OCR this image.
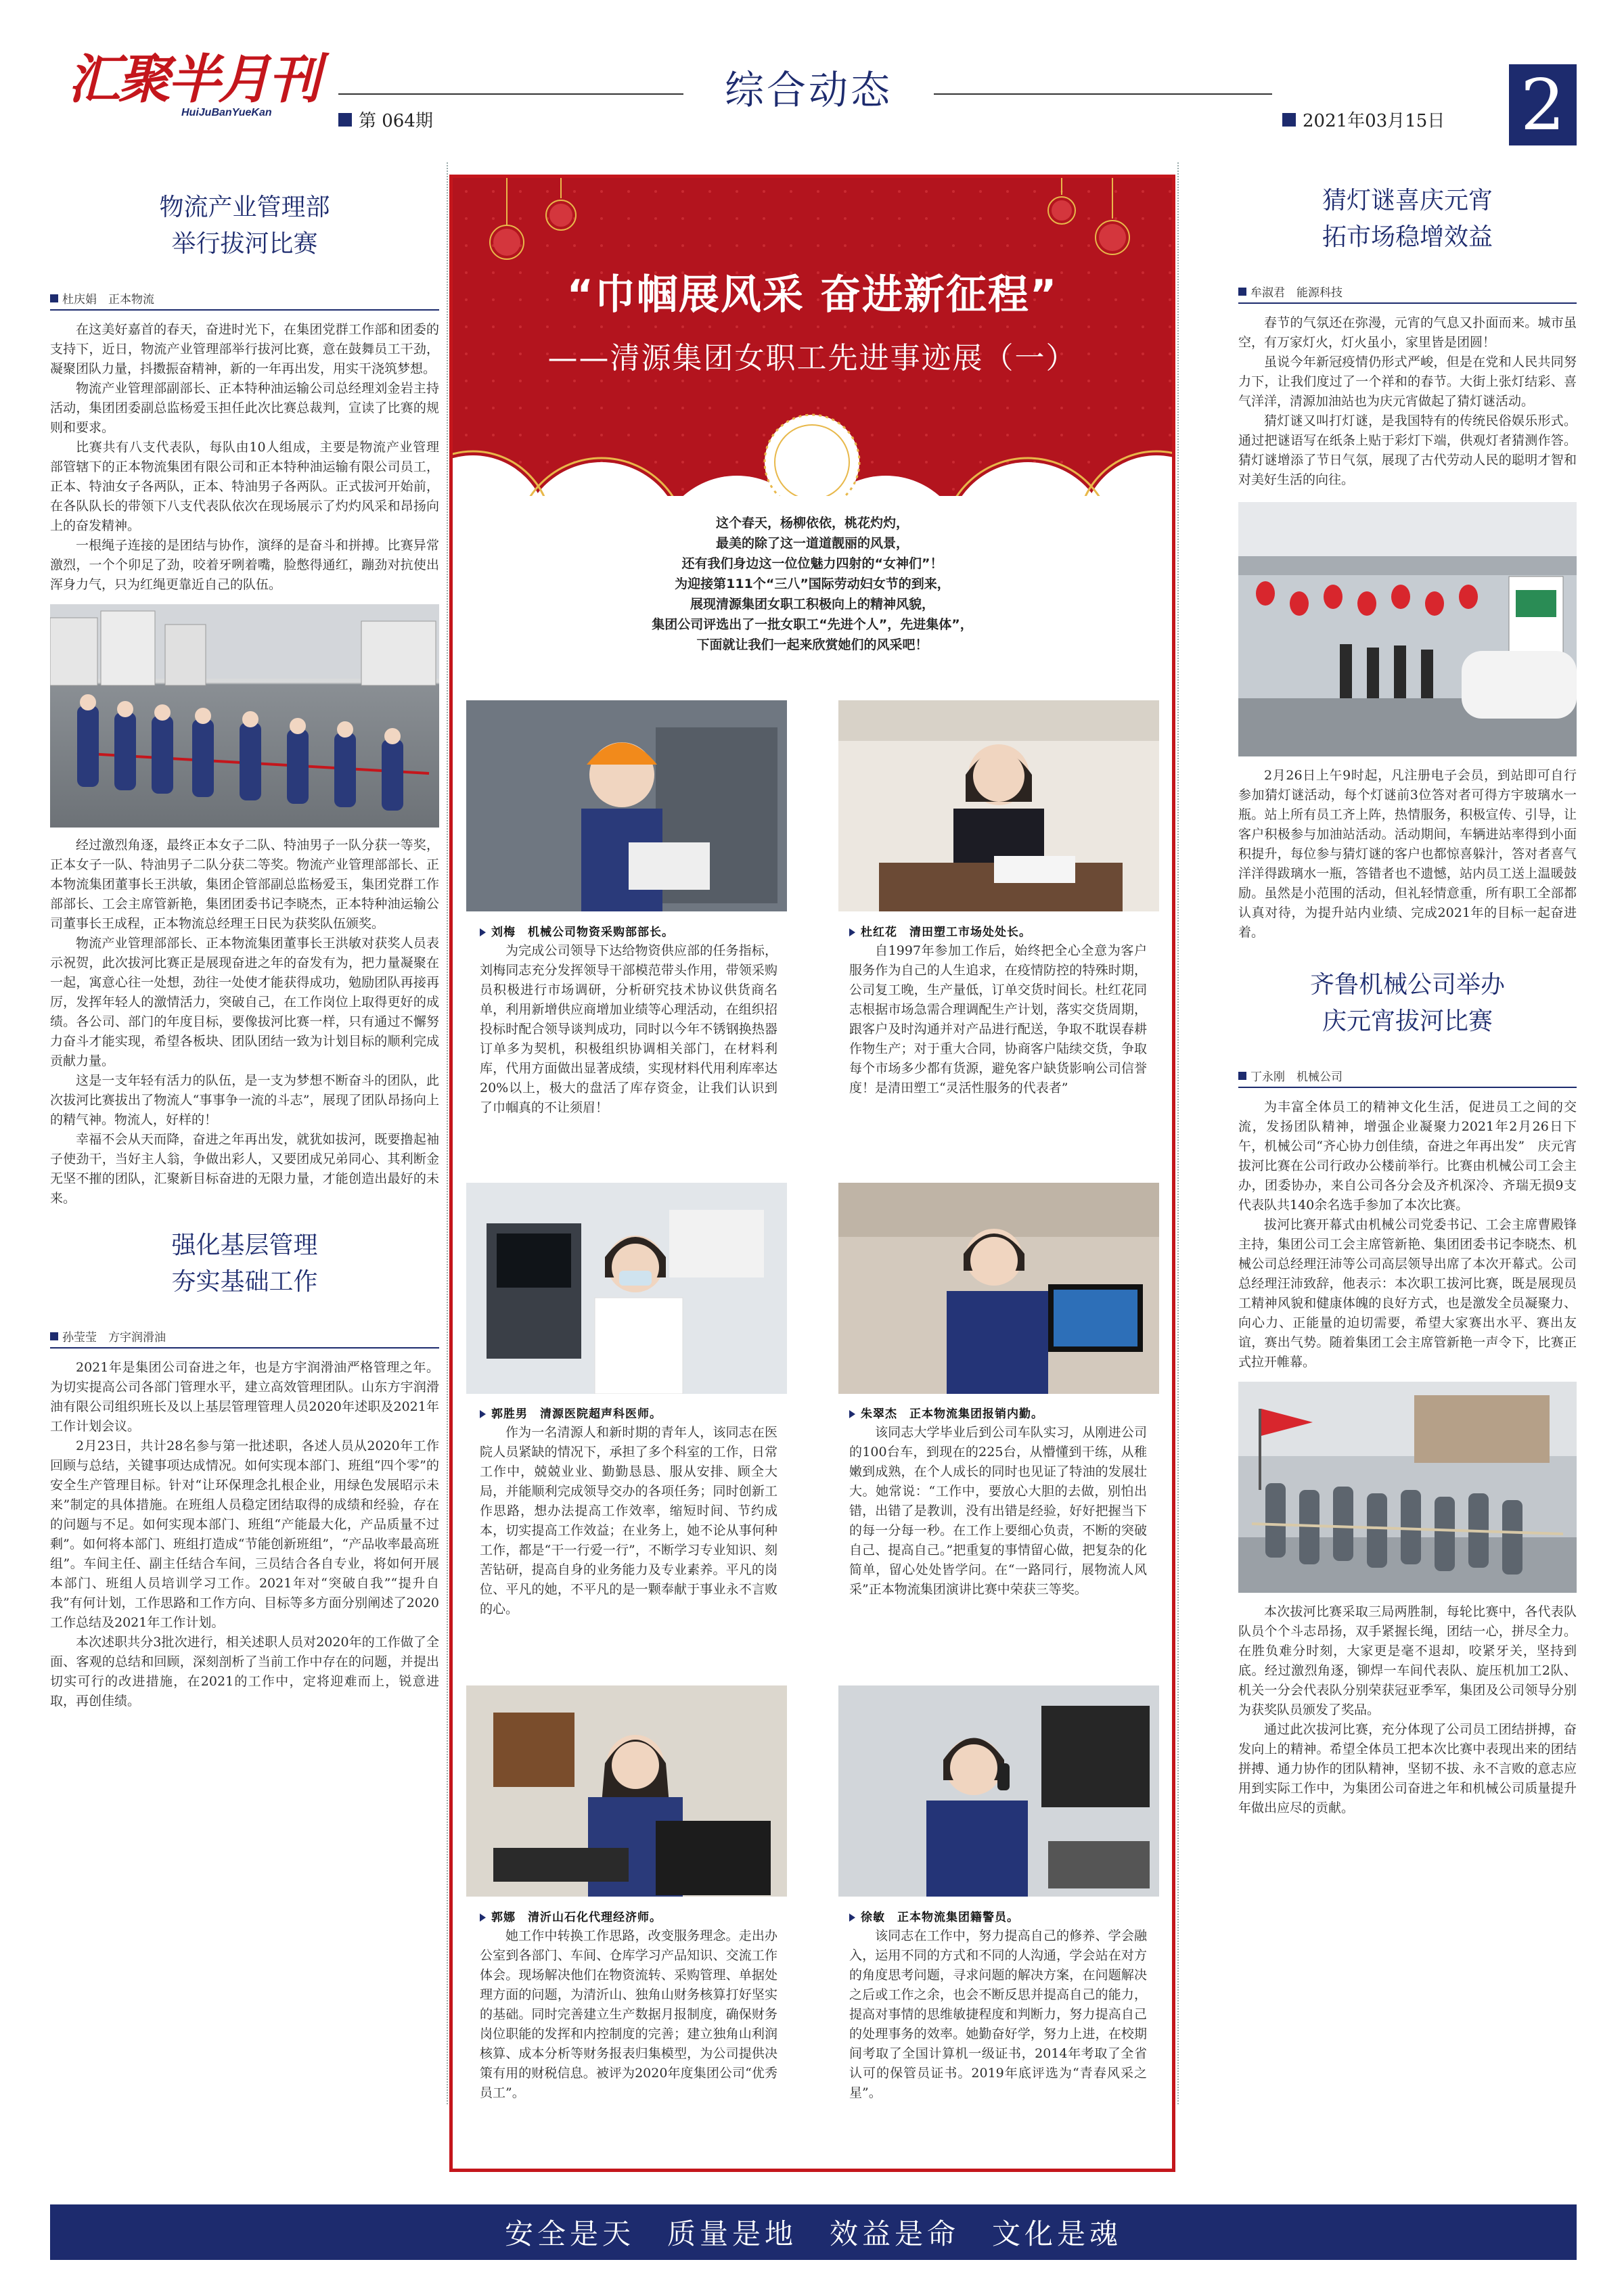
汇聚半月刊
HuiJuBanYueKan	综合动态
第 064期	2021年03月15日 2
物流产业管理部
举行拔河比赛
杜庆娟　正本物流

在这美好嘉首的春天，奋进时光下，在集团党群工作部和团委的支持下，近日，物流产业管理部举行拔河比赛，意在鼓舞员工干劲，凝聚团队力量，抖擞振奋精神，新的一年再出发，用实干浇筑梦想。

物流产业管理部副部长、正本特种油运输公司总经理刘金岩主持活动，集团团委副总监杨爱玉担任此次比赛总裁判，宣读了比赛的规则和要求。

比赛共有八支代表队，每队由10人组成，主要是物流产业管理部管辖下的正本物流集团有限公司和正本特种油运输有限公司员工，正本、特油女子各两队，正本、特油男子各两队。正式拔河开始前，在各队队长的带领下八支代表队依次在现场展示了灼灼风采和昂扬向上的奋发精神。

一根绳子连接的是团结与协作，演绎的是奋斗和拼搏。比赛异常激烈，一个个卯足了劲，咬着牙咧着嘴，脸憋得通红，蹦劲对抗使出浑身力气，只为红绳更靠近自己的队伍。

经过激烈角逐，最终正本女子二队、特油男子一队分获一等奖，正本女子一队、特油男子二队分获二等奖。物流产业管理部部长、正本物流集团董事长王洪敏，集团企管部副总监杨爱玉，集团党群工作部部长、工会主席管新艳，集团团委书记李晓杰，正本特种油运输公司董事长王成程，正本物流总经理王日民为获奖队伍颁奖。

物流产业管理部部长、正本物流集团董事长王洪敏对获奖人员表示祝贺，此次拔河比赛正是展现奋进之年的奋发有为，把力量凝聚在一起，寓意心往一处想，劲往一处使才能获得成功，勉励团队再接再厉，发挥年轻人的激情活力，突破自己，在工作岗位上取得更好的成绩。各公司、部门的年度目标，要像拔河比赛一样，只有通过不懈努力奋斗才能实现，希望各板块、团队团结一致为计划目标的顺利完成贡献力量。

这是一支年轻有活力的队伍，是一支为梦想不断奋斗的团队，此次拔河比赛拔出了物流人“事事争一流的斗志”，展现了团队昂扬向上的精气神。物流人，好样的！

幸福不会从天而降，奋进之年再出发，就犹如拔河，既要撸起袖子使劲干，当好主人翁，争做出彩人，又要团成兄弟同心、其利断金无坚不摧的团队，汇聚新目标奋进的无限力量，才能创造出最好的未来。

强化基层管理
夯实基础工作
孙莹莹　方宇润滑油

2021年是集团公司奋进之年，也是方宇润滑油严格管理之年。为切实提高公司各部门管理水平，建立高效管理团队。山东方宇润滑油有限公司组织班长及以上基层管理管理人员2020年述职及2021年工作计划会议。

2月23日，共计28名参与第一批述职，各述人员从2020年工作回顾与总结，关键事项达成情况。如何实现本部门、班组“四个零”的安全生产管理目标。针对“让环保理念扎根企业，用绿色发展昭示未来”制定的具体措施。在班组人员稳定团结取得的成绩和经验，存在的问题与不足。如何实现本部门、班组“产能最大化，产品质量不过剩”。如何将本部门、班组打造成“节能创新班组”，“产品收率最高班组”。车间主任、副主任结合车间，三员结合各自专业，将如何开展本部门、班组人员培训学习工作。2021年对“突破自我”“提升自我”有何计划，工作思路和工作方向、目标等多方面分别阐述了2020工作总结及2021年工作计划。

本次述职共分3批次进行，相关述职人员对2020年的工作做了全面、客观的总结和回顾，深刻剖析了当前工作中存在的问题，并提出切实可行的改进措施，在2021的工作中，定将迎难而上，锐意进取，再创佳绩。

“巾帼展风采 奋进新征程”
——清源集团女职工先进事迹展（一）
这个春天，杨柳依依，桃花灼灼，
最美的除了这一道道靓丽的风景，
还有我们身边这一位位魅力四射的“女神们”！
为迎接第111个“三八”国际劳动妇女节的到来，
展现清源集团女职工积极向上的精神风貌，
集团公司评选出了一批女职工“先进个人”，先进集体”，
下面就让我们一起来欣赏她们的风采吧！
刘梅　机械公司物资采购部部长。

为完成公司领导下达给物资供应部的任务指标，刘梅同志充分发挥领导干部模范带头作用，带领采购员积极进行市场调研，分析研究技术协议供货商名单，利用新增供应商增加业绩等心理活动，在组织招投标时配合领导谈判成功，同时以今年不锈钢换热器订单多为契机，积极组织协调相关部门，在材料利库，代用方面做出显著成绩，实现材料代用利库率达20%以上，极大的盘活了库存资金，让我们认识到了巾帼真的不让须眉！

杜红花　清田塑工市场处处长。

自1997年参加工作后，始终把全心全意为客户服务作为自己的人生追求，在疫情防控的特殊时期，公司复工晚，生产量低，订单交货时间长。杜红花同志根据市场急需合理调配生产计划，落实交货周期，跟客户及时沟通并对产品进行配送，争取不耽误春耕作物生产；对于重大合同，协商客户陆续交货，争取每个市场多少都有货源，避免客户缺货影响公司信誉度！是清田塑工“灵活性服务的代表者”

郭胜男　清源医院超声科医师。

作为一名清源人和新时期的青年人，该同志在医院人员紧缺的情况下，承担了多个科室的工作，日常工作中，兢兢业业、勤勤恳恳、服从安排、顾全大局，并能顺利完成领导交办的各项任务；同时创新工作思路，想办法提高工作效率，缩短时间、节约成本，切实提高工作效益；在业务上，她不论从事何种工作，都是“干一行爱一行”，不断学习专业知识、刻苦钻研，提高自身的业务能力及专业素养。平凡的岗位、平凡的她，不平凡的是一颗奉献于事业永不言败的心。

朱翠杰　正本物流集团报销内勤。

该同志大学毕业后到公司车队实习，从刚进公司的100台车，到现在的225台，从懵懂到干练，从稚嫩到成熟，在个人成长的同时也见证了特油的发展壮大。她常说：“工作中，要放心大胆的去做，别怕出错，出错了是教训，没有出错是经验，好好把握当下的每一分每一秒。在工作上要细心负责，不断的突破自己、提高自己。”把重复的事情留心做，把复杂的化简单，留心处处皆学问。在“一路同行，展物流人风采”正本物流集团演讲比赛中荣获三等奖。

郭娜　清沂山石化代理经济师。

她工作中转换工作思路，改变服务理念。走出办公室到各部门、车间、仓库学习产品知识、交流工作体会。现场解决他们在物资流转、采购管理、单据处理方面的问题，为清沂山、独角山财务核算打好坚实的基础。同时完善建立生产数据月报制度，确保财务岗位职能的发挥和内控制度的完善；建立独角山利润核算、成本分析等财务报表归集模型，为公司提供决策有用的财税信息。被评为2020年度集团公司“优秀员工”。

徐敏　正本物流集团籍警员。

该同志在工作中，努力提高自己的修养、学会融入，运用不同的方式和不同的人沟通，学会站在对方的角度思考问题，寻求问题的解决方案，在问题解决之后或工作之余，也会不断反思并提高自己的能力，提高对事情的思维敏捷程度和判断力，努力提高自己的处理事务的效率。她勤奋好学，努力上进，在校期间考取了全国计算机一级证书，2014年考取了全省认可的保管员证书。2019年底评选为“青春风采之星”。

猜灯谜喜庆元宵
拓市场稳增效益
牟淑君　能源科技

春节的气氛还在弥漫，元宵的气息又扑面而来。城市虽空，有万家灯火，灯火虽小，家里皆是团圆！

虽说今年新冠疫情仍形式严峻，但是在党和人民共同努力下，让我们度过了一个祥和的春节。大街上张灯结彩、喜气洋洋，清源加油站也为庆元宵做起了猜灯谜活动。

猜灯谜又叫打灯谜，是我国特有的传统民俗娱乐形式。通过把谜语写在纸条上贴于彩灯下端，供观灯者猜测作答。猜灯谜增添了节日气氛，展现了古代劳动人民的聪明才智和对美好生活的向往。

2月26日上午9时起，凡注册电子会员，到站即可自行参加猜灯谜活动，每个灯谜前3位答对者可得方宇玻璃水一瓶。站上所有员工齐上阵，热情服务，积极宣传、引导，让客户积极参与加油站活动。活动期间，车辆进站率得到小面积提升，每位参与猜灯谜的客户也都惊喜躲汁，答对者喜气洋洋得跋璃水一瓶，答错者也不遗憾，站内员工送上温暖鼓励。虽然是小范围的活动，但礼轻情意重，所有职工全部都认真对待，为提升站内业绩、完成2021年的目标一起奋进着。

齐鲁机械公司举办
庆元宵拔河比赛
丁永刚　机械公司

为丰富全体员工的精神文化生活，促进员工之间的交流，发扬团队精神，增强企业凝聚力2021年2月26日下午，机械公司“齐心协力创佳绩，奋进之年再出发”　庆元宵拔河比赛在公司行政办公楼前举行。比赛由机械公司工会主　办，团委协办，来自公司各分会及齐机深冷、齐瑞无损9支代表队共140余名选手参加了本次比赛。

拔河比赛开幕式由机械公司党委书记、工会主席曹殿锋主持，集团公司工会主席管新艳、集团团委书记李晓杰、机械公司总经理汪沛等公司高层领导出席了本次开幕式。公司总经理汪沛致辞，他表示：本次职工拔河比赛，既是展现员工精神风貌和健康体魄的良好方式，也是激发全员凝聚力、向心力、正能量的迫切需要，希望大家赛出水平、赛出友谊，赛出气势。随着集团工会主席管新艳一声令下，比赛正式拉开帷幕。

本次拔河比赛采取三局两胜制，每轮比赛中，各代表队队员个个斗志昂扬，双手紧握长绳，团结一心，拼尽全力。在胜负难分时刻，大家更是毫不退却，咬紧牙关，坚持到底。经过激烈角逐，铆焊一车间代表队、旋压机加工2队、机关一分会代表队分别荣获冠亚季军，集团及公司领导分别为获奖队员颁发了奖品。

通过此次拔河比赛，充分体现了公司员工团结拼搏，奋发向上的精神。希望全体员工把本次比赛中表现出来的团结拼搏、通力协作的团队精神，坚韧不拔、永不言败的意志应用到实际工作中，为集团公司奋进之年和机械公司质量提升年做出应尽的贡献。

安全是天　质量是地　效益是命　文化是魂
